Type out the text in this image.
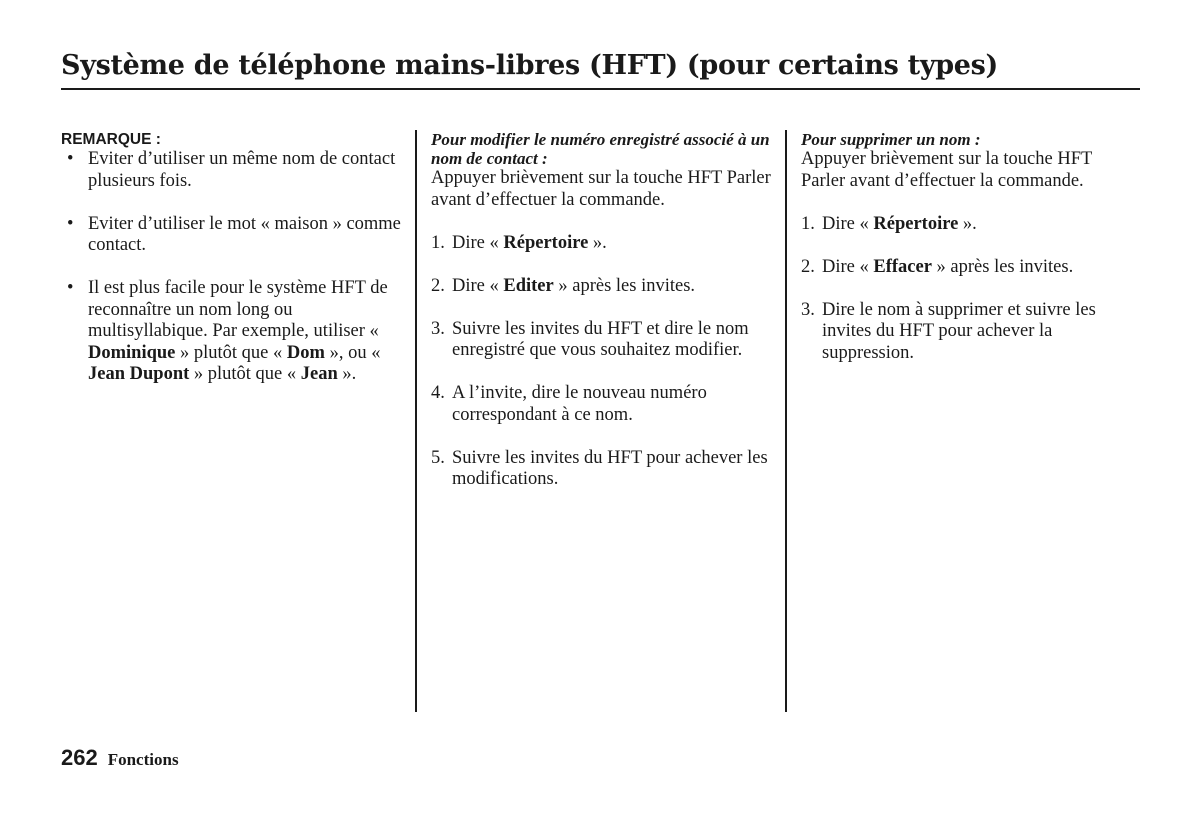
Système de téléphone mains-libres (HFT) (pour certains types)
REMARQUE :
• Eviter d’utiliser un même nom de contact plusieurs fois.
• Eviter d’utiliser le mot « maison » comme contact.
• Il est plus facile pour le système HFT de reconnaître un nom long ou multisyllabique. Par exemple, utiliser « Dominique » plutôt que « Dom », ou « Jean Dupont » plutôt que « Jean ».
Pour modifier le numéro enregistré associé à un nom de contact :
Appuyer brièvement sur la touche HFT Parler avant d’effectuer la commande.
1. Dire « Répertoire ».
2. Dire « Editer » après les invites.
3. Suivre les invites du HFT et dire le nom enregistré que vous souhaitez modifier.
4. A l’invite, dire le nouveau numéro correspondant à ce nom.
5. Suivre les invites du HFT pour achever les modifications.
Pour supprimer un nom :
Appuyer brièvement sur la touche HFT Parler avant d’effectuer la commande.
1. Dire « Répertoire ».
2. Dire « Effacer » après les invites.
3. Dire le nom à supprimer et suivre les invites du HFT pour achever la suppression.
262 Fonctions
